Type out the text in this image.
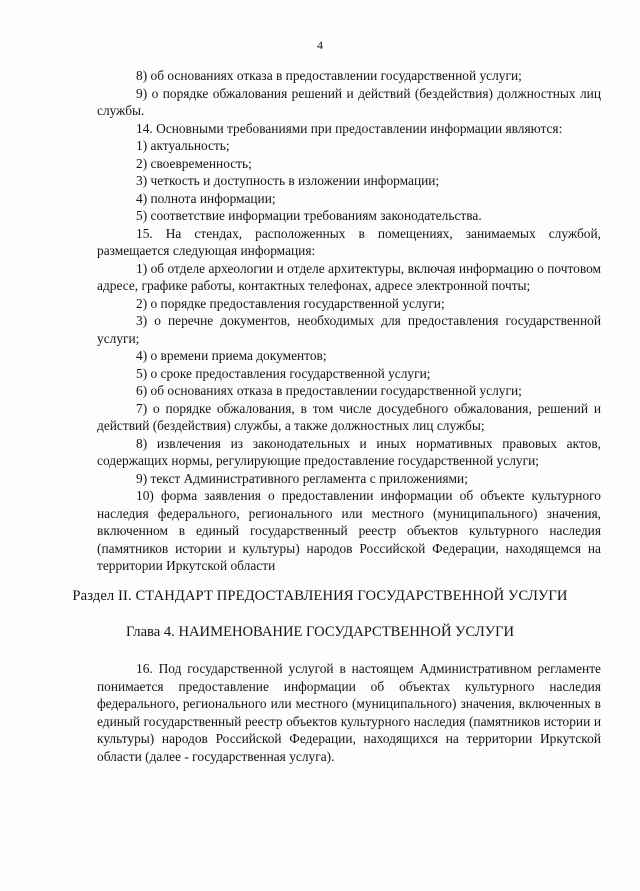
4

8) об основаниях отказа в предоставлении государственной услуги;

9) о порядке обжалования решений и действий (бездействия) должностных лиц службы.

14. Основными требованиями при предоставлении информации являются:

1) актуальность;

2) своевременность;

3) четкость и доступность в изложении информации;

4) полнота информации;

5) соответствие информации требованиям законодательства.

15. На стендах, расположенных в помещениях, занимаемых службой, размещается следующая информация:

1) об отделе археологии и отделе архитектуры, включая информацию о почтовом адресе, графике работы, контактных телефонах, адресе электронной почты;

2) о порядке предоставления государственной услуги;

3) о перечне документов, необходимых для предоставления государственной услуги;

4) о времени приема документов;

5) о сроке предоставления государственной услуги;

6) об основаниях отказа в предоставлении государственной услуги;

7) о порядке обжалования, в том числе досудебного обжалования, решений и действий (бездействия) службы, а также должностных лиц службы;

8) извлечения из законодательных и иных нормативных правовых актов, содержащих нормы, регулирующие предоставление государственной услуги;

9) текст Административного регламента с приложениями;

10) форма заявления о предоставлении информации об объекте культурного наследия федерального, регионального или местного (муниципального) значения, включенном в единый государственный реестр объектов культурного наследия (памятников истории и культуры) народов Российской Федерации, находящемся на территории Иркутской области

Раздел II. СТАНДАРТ ПРЕДОСТАВЛЕНИЯ ГОСУДАРСТВЕННОЙ УСЛУГИ
Глава 4. НАИМЕНОВАНИЕ ГОСУДАРСТВЕННОЙ УСЛУГИ

16. Под государственной услугой в настоящем Административном регламенте понимается предоставление информации об объектах культурного наследия федерального, регионального или местного (муниципального) значения, включенных в единый государственный реестр объектов культурного наследия (памятников истории и культуры) народов Российской Федерации, находящихся на территории Иркутской области (далее - государственная услуга).
